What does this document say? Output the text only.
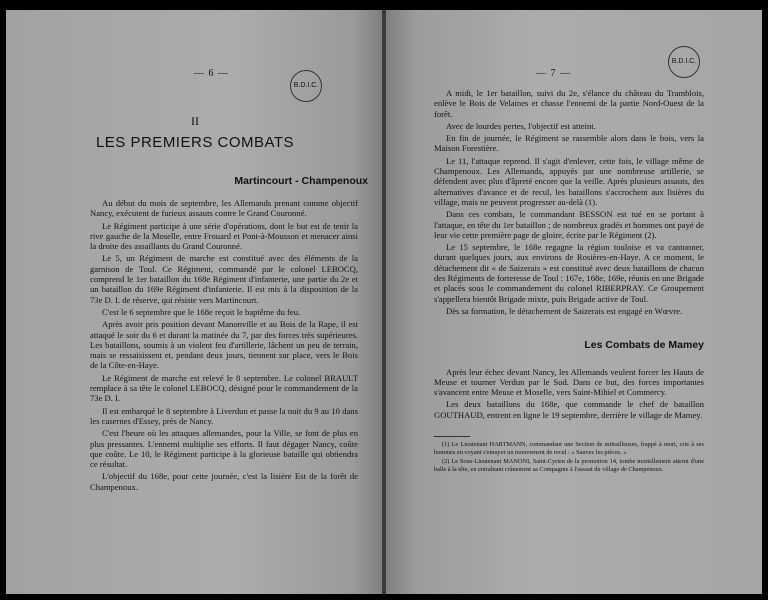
— 6 —
B.D.I.C.
II
LES PREMIERS COMBATS
Martincourt - Champenoux

Au début du mois de septembre, les Allemands prenant comme objectif Nancy, exécutent de furieux assauts contre le Grand Couronné.

Le Régiment participe à une série d'opérations, dont le but est de tenir la rive gauche de la Moselle, entre Frouard et Pont-à-Mousson et menacer ainsi la droite des assaillants du Grand Couronné.

Le 5, un Régiment de marche est constitué avec des éléments de la garnison de Toul. Ce Régiment, commandé par le colonel LEBOCQ, comprend le 1er bataillon du 168e Régiment d'infanterie, une partie du 2e et un bataillon du 169e Régiment d'infanterie. Il est mis à la disposition de la 73e D. I. de réserve, qui résiste vers Martincourt.

C'est le 6 septembre que le 168e reçoit le baptême du feu.

Après avoir pris position devant Manonville et au Bois de la Rape, il est attaqué le soir du 6 et durant la matinée du 7, par des forces très supérieures. Les bataillons, soumis à un violent feu d'artillerie, lâchent un peu de terrain, mais se ressaisissent et, pendant deux jours, tiennent sur place, vers le Bois de la Côte-en-Haye.

Le Régiment de marche est relevé le 8 septembre. Le colonel BRAULT remplace à sa tête le colonel LEBOCQ, désigné pour le commandement de la 73e D. I.

Il est embarqué le 8 septembre à Liverdun et passe la nuit du 9 au 10 dans les casernes d'Essey, près de Nancy.

C'est l'heure où les attaques allemandes, pour la Ville, se font de plus en plus pressantes. L'ennemi multiplie ses efforts. Il faut dégager Nancy, coûte que coûte. Le 10, le Régiment participe à la glorieuse bataille qui obtiendra ce résultat.

L'objectif du 168e, pour cette journée, c'est la lisière Est de la forêt de Champenoux.

— 7 —
B.D.I.C.

A midi, le 1er bataillon, suivi du 2e, s'élance du château du Tramblois, enlève le Bois de Velaines et chasse l'ennemi de la partie Nord-Ouest de la forêt.

Avec de lourdes pertes, l'objectif est atteint.

En fin de journée, le Régiment se rassemble alors dans le bois, vers la Maison Forestière.

Le 11, l'attaque reprend. Il s'agit d'enlever, cette fois, le village même de Champenoux. Les Allemands, appuyés par une nombreuse artillerie, se défendent avec plus d'âpreté encore que la veille. Après plusieurs assauts, des alternatives d'avance et de recul, les bataillons s'accrochent aux lisières du village, mais ne peuvent progresser au-delà (1).

Dans ces combats, le commandant BESSON est tué en se portant à l'attaque, en tête du 1er bataillon ; de nombreux gradés et hommes ont payé de leur vie cette première page de gloire, écrite par le Régiment (2).

Le 15 septembre, le 168e regagne la région touloise et va cantonner, durant quelques jours, aux environs de Rosières-en-Haye. A ce moment, le détachement dit « de Saizerais » est constitué avec deux bataillons de chacun des Régiments de forteresse de Toul : 167e, 168e, 169e, réunis en une Brigade et placés sous le commandement du colonel RIBERPRAY. Ce Groupement s'appellera bientôt Brigade mixte, puis Brigade active de Toul.

Dès sa formation, le détachement de Saizerais est engagé en Wœvre.

Les Combats de Mamey

Après leur échec devant Nancy, les Allemands veulent forcer les Hauts de Meuse et tourner Verdun par le Sud. Dans ce but, des forces importantes s'avancent entre Meuse et Moselle, vers Saint-Mihiel et Commercy.

Les deux bataillons du 168e, que commande le chef de bataillon GOUTHAUD, entrent en ligne le 19 septembre, derrière le village de Mamey.

(1) Le Lieutenant HARTMANN, commandant une Section de mitrailleuses, frappé à mort, crie à ses hommes en voyant s'enrayer un mouvement de recul : « Sauvez les pièces. »

(2) Le Sous-Lieutenant MANONI, Saint-Cyrien de la promotion 14, tombe mortellement atteint d'une balle à la tête, en entraînant crânement sa Compagnie à l'assaut du village de Champenoux.
